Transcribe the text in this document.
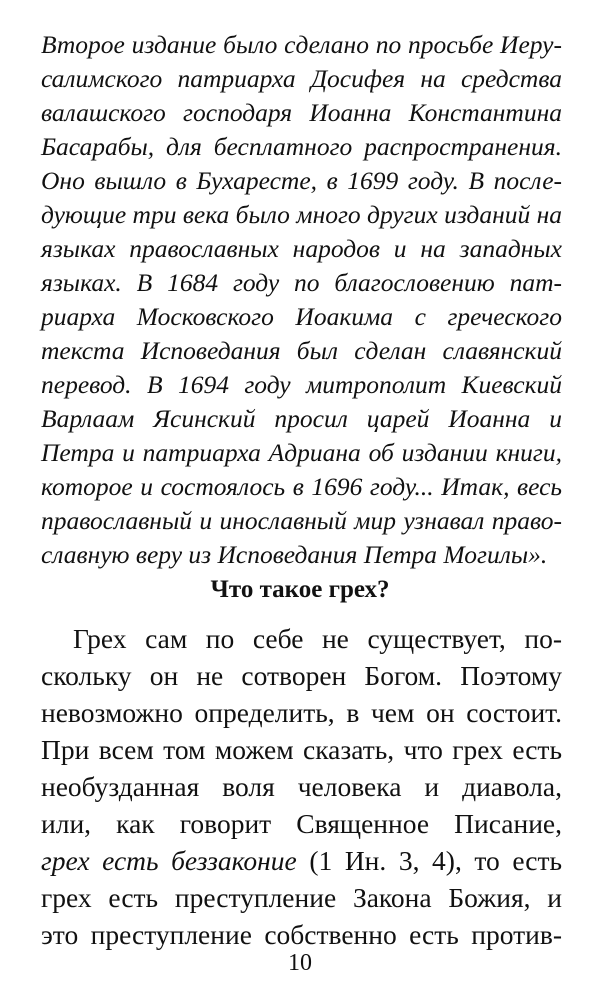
Второе издание было сделано по просьбе Иеру-
салимского патриарха Досифея на средства
валашского господаря Иоанна Константина
Басарабы, для бесплатного распространения.
Оно вышло в Бухаресте, в 1699 году. В после-
дующие три века было много других изданий на
языках православных народов и на западных
языках. В 1684 году по благословению пат-
риарха Московского Иоакима с греческого
текста Исповедания был сделан славянский
перевод. В 1694 году митрополит Киевский
Варлаам Ясинский просил царей Иоанна и
Петра и патриарха Адриана об издании книги,
которое и состоялось в 1696 году... Итак, весь
православный и инославный мир узнавал право-
славную веру из Исповедания Петра Могилы».
Что такое грех?
Грех сам по себе не существует, по-
скольку он не сотворен Богом. Поэтому
невозможно определить, в чем он состоит.
При всем том можем сказать, что грех есть
необузданная воля человека и диавола,
или, как говорит Священное Писание,
грех есть беззаконие (1 Ин. 3, 4), то есть
грех есть преступление Закона Божия, и
это преступление собственно есть против-
10
